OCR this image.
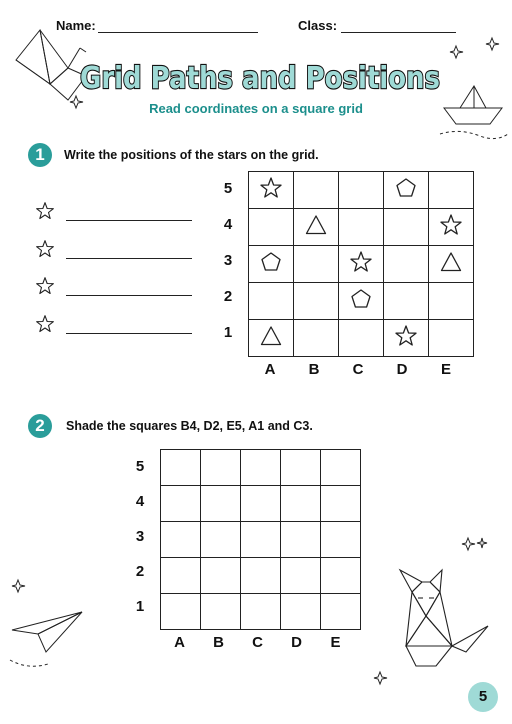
Name:	Class:
Grid Paths and Positions
Read coordinates on a square grid
1	Write the positions of the stars on the grid.
5
4
3
2
1

A	B	C	D	E
2	Shade the squares B4, D2, E5, A1 and C3.
5
4
3
2
1

A	B	C	D	E
5
